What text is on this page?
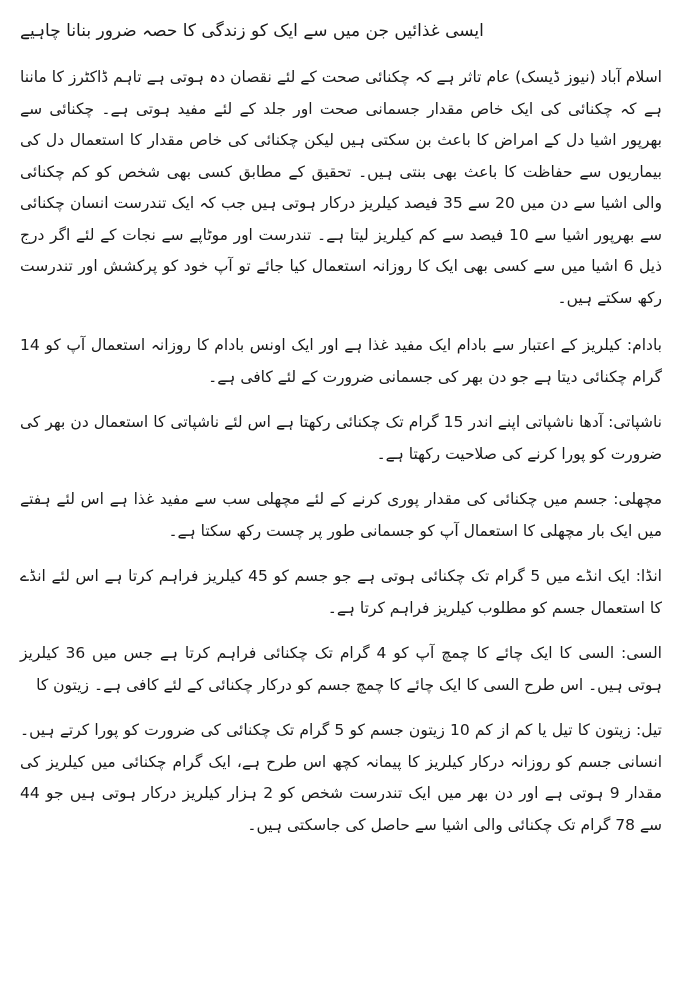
ایسی غذائیں جن میں سے ایک کو زندگی کا حصہ ضرور بنانا چاہیے

اسلام آباد (نیوز ڈیسک) عام تاثر ہے کہ چکنائی صحت کے لئے نقصان دہ ہوتی ہے تاہم ڈاکٹرز کا ماننا ہے کہ چکنائی کی ایک خاص مقدار جسمانی صحت اور جلد کے لئے مفید ہوتی ہے۔ چکنائی سے بھرپور اشیا دل کے امراض کا باعث بن سکتی ہیں لیکن چکنائی کی خاص مقدار کا استعمال دل کی بیماریوں سے حفاظت کا باعث بھی بنتی ہیں۔ تحقیق کے مطابق کسی بھی شخص کو کم چکنائی والی اشیا سے دن میں 20 سے 35 فیصد کیلریز درکار ہوتی ہیں جب کہ ایک تندرست انسان چکنائی سے بھرپور اشیا سے 10 فیصد سے کم کیلریز لیتا ہے۔ تندرست اور موٹاپے سے نجات کے لئے اگر درج ذیل 6 اشیا میں سے کسی بھی ایک کا روزانہ استعمال کیا جائے تو آپ خود کو پرکشش اور تندرست رکھ سکتے ہیں۔

بادام: کیلریز کے اعتبار سے بادام ایک مفید غذا ہے اور ایک اونس بادام کا روزانہ استعمال آپ کو 14 گرام چکنائی دیتا ہے جو دن بھر کی جسمانی ضرورت کے لئے کافی ہے۔

ناشپاتی: آدھا ناشپاتی اپنے اندر 15 گرام تک چکنائی رکھتا ہے اس لئے ناشپاتی کا استعمال دن بھر کی ضرورت کو پورا کرنے کی صلاحیت رکھتا ہے۔

مچھلی: جسم میں چکنائی کی مقدار پوری کرنے کے لئے مچھلی سب سے مفید غذا ہے اس لئے ہفتے میں ایک بار مچھلی کا استعمال آپ کو جسمانی طور پر چست رکھ سکتا ہے۔

انڈا: ایک انڈے میں 5 گرام تک چکنائی ہوتی ہے جو جسم کو 45 کیلریز فراہم کرتا ہے اس لئے انڈے کا استعمال جسم کو مطلوب کیلریز فراہم کرتا ہے۔

السی: السی کا ایک چائے کا چمچ آپ کو 4 گرام تک چکنائی فراہم کرتا ہے جس میں 36 کیلریز ہوتی ہیں۔ اس طرح السی کا ایک چائے کا چمچ جسم کو درکار چکنائی کے لئے کافی ہے۔ زیتون کا

تیل: زیتون کا تیل یا کم از کم 10 زیتون جسم کو 5 گرام تک چکنائی کی ضرورت کو پورا کرتے ہیں۔ انسانی جسم کو روزانہ درکار کیلریز کا پیمانہ کچھ اس طرح ہے، ایک گرام چکنائی میں کیلریز کی مقدار 9 ہوتی ہے اور دن بھر میں ایک تندرست شخص کو 2 ہزار کیلریز درکار ہوتی ہیں جو 44 سے 78 گرام تک چکنائی والی اشیا سے حاصل کی جاسکتی ہیں۔
